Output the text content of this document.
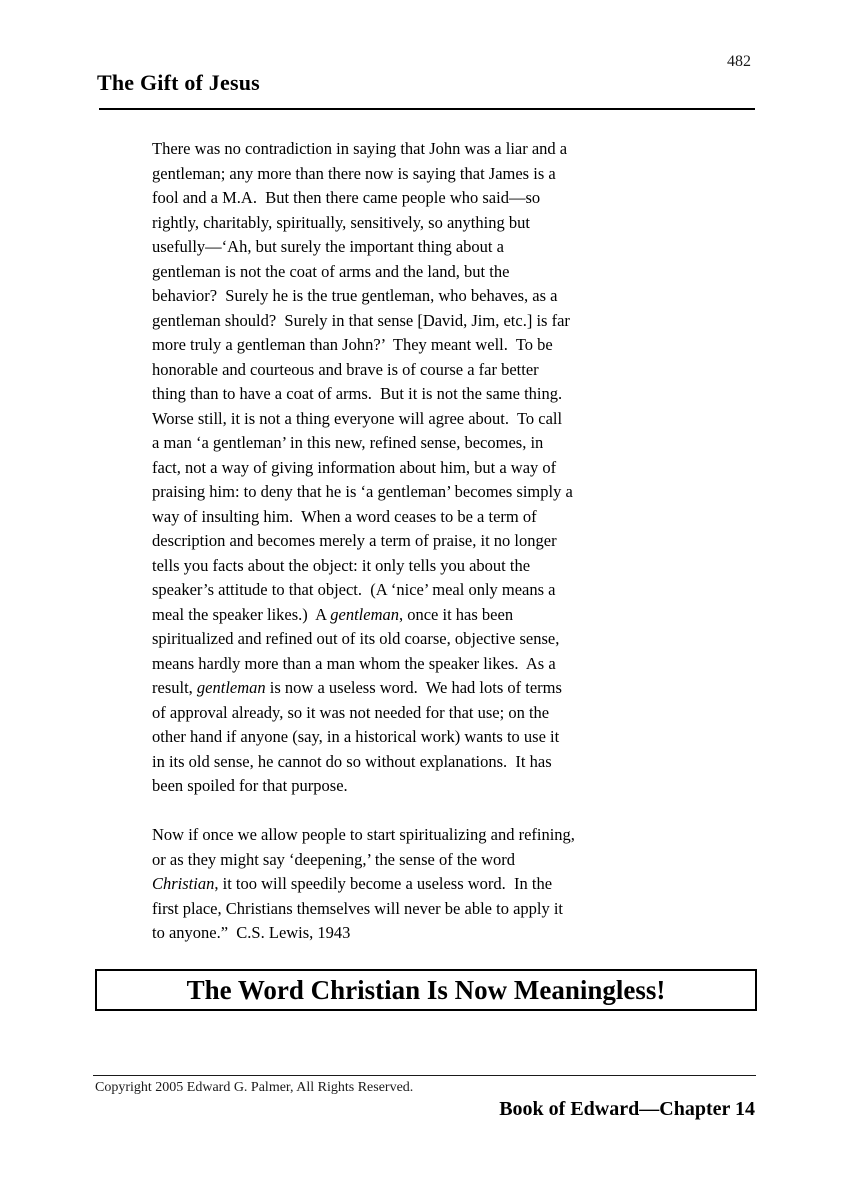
482
The Gift of Jesus

There was no contradiction in saying that John was a liar and a
gentleman; any more than there now is saying that James is a
fool and a M.A.  But then there came people who said—so
rightly, charitably, spiritually, sensitively, so anything but
usefully—‘Ah, but surely the important thing about a
gentleman is not the coat of arms and the land, but the
behavior?  Surely he is the true gentleman, who behaves, as a
gentleman should?  Surely in that sense [David, Jim, etc.] is far
more truly a gentleman than John?’  They meant well.  To be
honorable and courteous and brave is of course a far better
thing than to have a coat of arms.  But it is not the same thing.
Worse still, it is not a thing everyone will agree about.  To call
a man ‘a gentleman’ in this new, refined sense, becomes, in
fact, not a way of giving information about him, but a way of
praising him: to deny that he is ‘a gentleman’ becomes simply a
way of insulting him.  When a word ceases to be a term of
description and becomes merely a term of praise, it no longer
tells you facts about the object: it only tells you about the
speaker’s attitude to that object.  (A ‘nice’ meal only means a
meal the speaker likes.)  A gentleman, once it has been
spiritualized and refined out of its old coarse, objective sense,
means hardly more than a man whom the speaker likes.  As a
result, gentleman is now a useless word.  We had lots of terms
of approval already, so it was not needed for that use; on the
other hand if anyone (say, in a historical work) wants to use it
in its old sense, he cannot do so without explanations.  It has
been spoiled for that purpose.

Now if once we allow people to start spiritualizing and refining,
or as they might say ‘deepening,’ the sense of the word
Christian, it too will speedily become a useless word.  In the
first place, Christians themselves will never be able to apply it
to anyone.”  C.S. Lewis, 1943

The Word Christian Is Now Meaningless!
Copyright 2005 Edward G. Palmer, All Rights Reserved.
Book of Edward—Chapter 14
